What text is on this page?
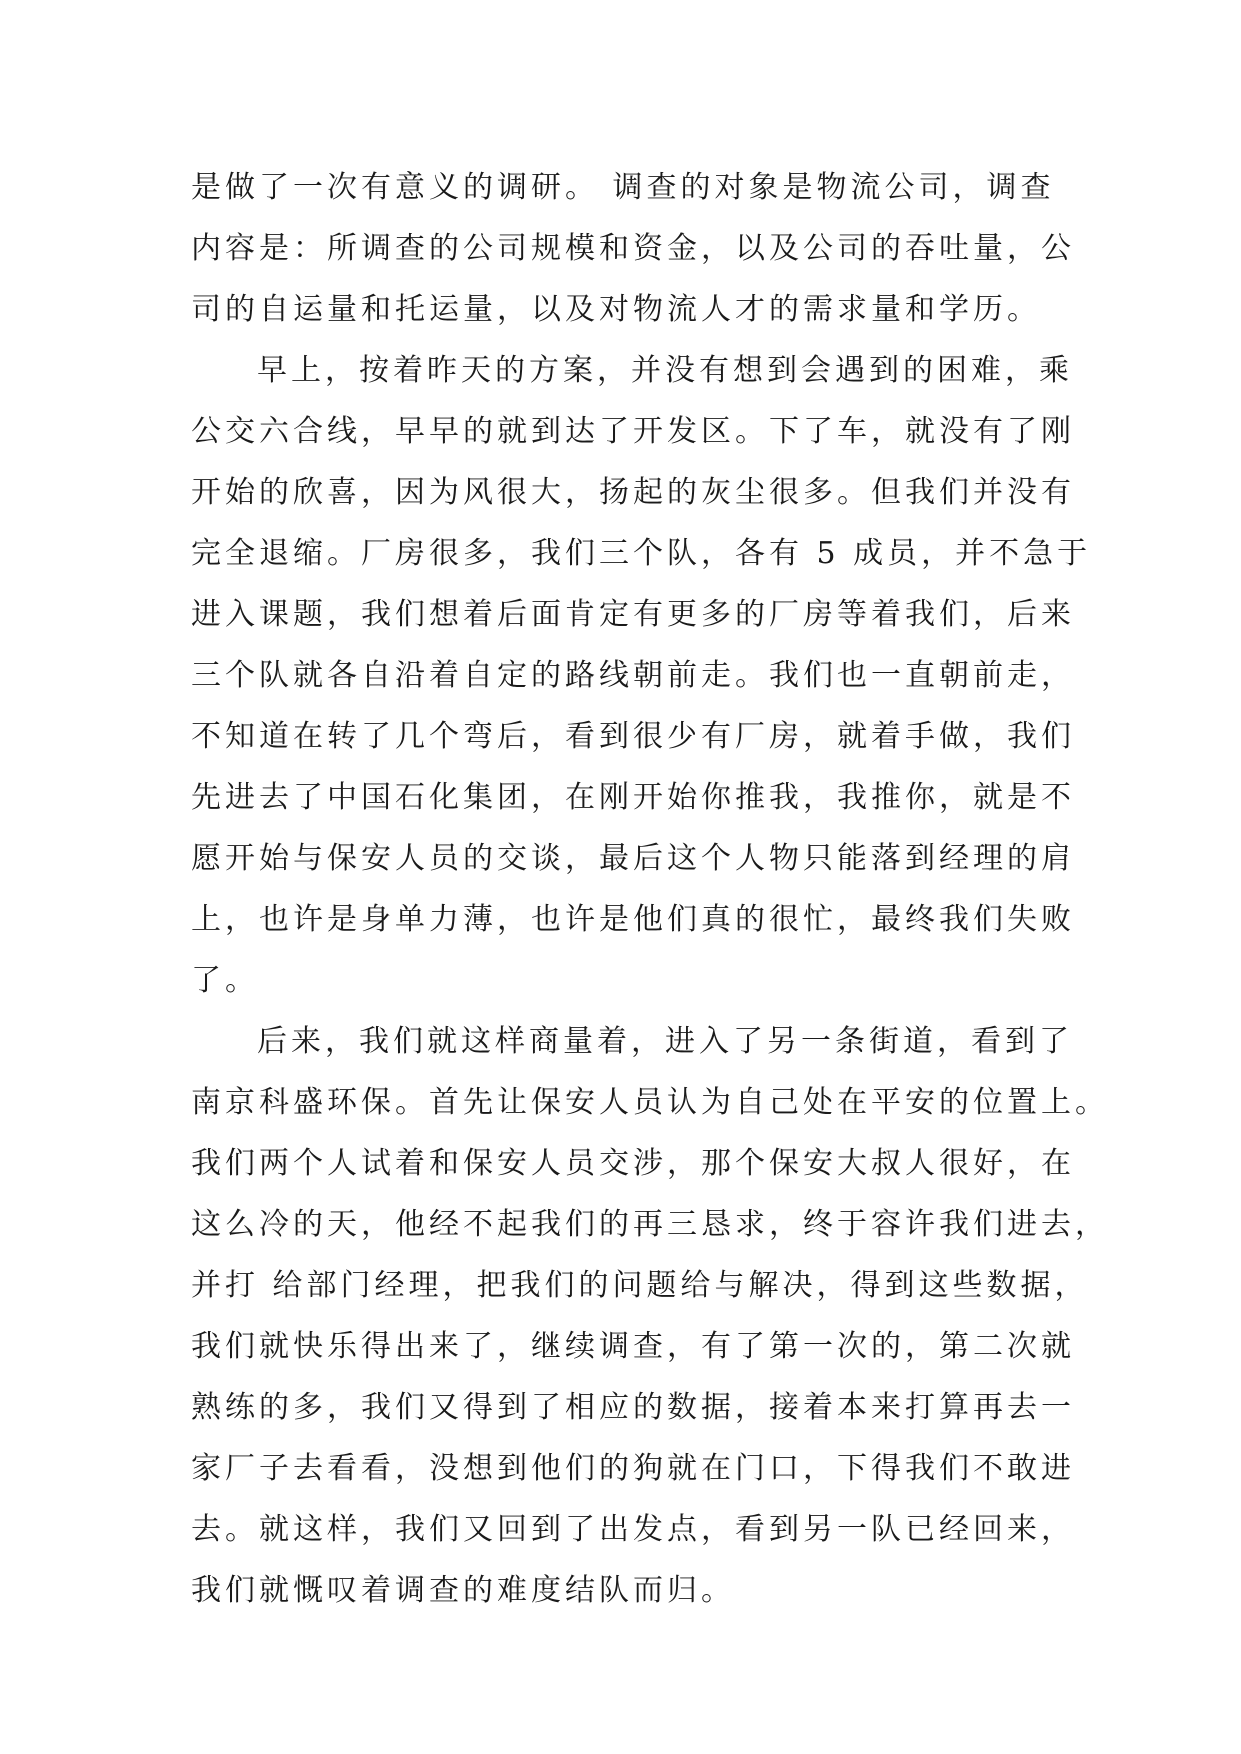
是做了一次有意义的调研。 调查的对象是物流公司，调查
内容是：所调查的公司规模和资金，以及公司的吞吐量，公
司的自运量和托运量，以及对物流人才的需求量和学历。
早上，按着昨天的方案，并没有想到会遇到的困难，乘
公交六合线，早早的就到达了开发区。下了车，就没有了刚
开始的欣喜，因为风很大，扬起的灰尘很多。但我们并没有
完全退缩。厂房很多，我们三个队，各有 5 成员，并不急于
进入课题，我们想着后面肯定有更多的厂房等着我们，后来
三个队就各自沿着自定的路线朝前走。我们也一直朝前走，
不知道在转了几个弯后，看到很少有厂房，就着手做，我们
先进去了中国石化集团，在刚开始你推我，我推你，就是不
愿开始与保安人员的交谈，最后这个人物只能落到经理的肩
上，也许是身单力薄，也许是他们真的很忙，最终我们失败
了。
后来，我们就这样商量着，进入了另一条街道，看到了
南京科盛环保。首先让保安人员认为自己处在平安的位置上。
我们两个人试着和保安人员交涉，那个保安大叔人很好，在
这么冷的天，他经不起我们的再三恳求，终于容许我们进去，
并打 给部门经理，把我们的问题给与解决，得到这些数据，
我们就快乐得出来了，继续调查，有了第一次的，第二次就
熟练的多，我们又得到了相应的数据，接着本来打算再去一
家厂子去看看，没想到他们的狗就在门口，下得我们不敢进
去。就这样，我们又回到了出发点，看到另一队已经回来，
我们就慨叹着调查的难度结队而归。
